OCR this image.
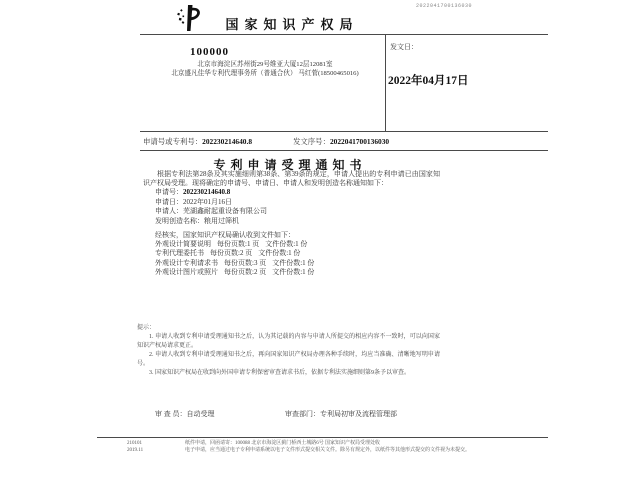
国家知识产权局
2022041700136030
100000
北京市海淀区苏州街29号维亚大厦12层12081室
北京盛凡佳华专利代理事务所（普通合伙） 马红菅(18500465016)
发文日：
2022年04月17日
申请号或专利号：202230214640.8	发文序号：2022041700136030
专利申请受理通知书
根据专利法第28条及其实施细则第38条、第39条的规定，申请人提出的专利申请已由国家知识产权局受理。现将确定的申请号、申请日、申请人和发明创造名称通知如下：
申请号：202230214640.8
申请日：2022年01月16日
申请人：芜湖鑫耐起重设备有限公司
发明创造名称：粮用过筛机
经核实，国家知识产权局确认收到文件如下：
外观设计简要说明 每份页数:1 页 文件份数:1 份
专利代理委托书 每份页数:2 页 文件份数:1 份
外观设计专利请求书 每份页数:3 页 文件份数:1 份
外观设计图片或照片 每份页数:2 页 文件份数:1 份

提示：

1. 申请人收到专利申请受理通知书之后，认为其记载的内容与申请人所提交的相应内容不一致时，可以向国家知识产权局请求更正。

2. 申请人收到专利申请受理通知书之后，再向国家知识产权局办理各种手续时，均应当准确、清晰地写明申请号。

3. 国家知识产权局在收到向外国申请专利保密审查请求书后，依据专利法实施细则第9条予以审查。

审 查 员：自动受理	审查部门：专利局初审及流程管理部
210101
2019.11

纸件申请，回函请寄：100088 北京市海淀区蓟门桥西土城路6号 国家知识产权局受理处收

电子申请，应当通过电子专利申请系统以电子文件形式提交相关文件。除另有规定外，以纸件等其他形式提交的文件视为未提交。
